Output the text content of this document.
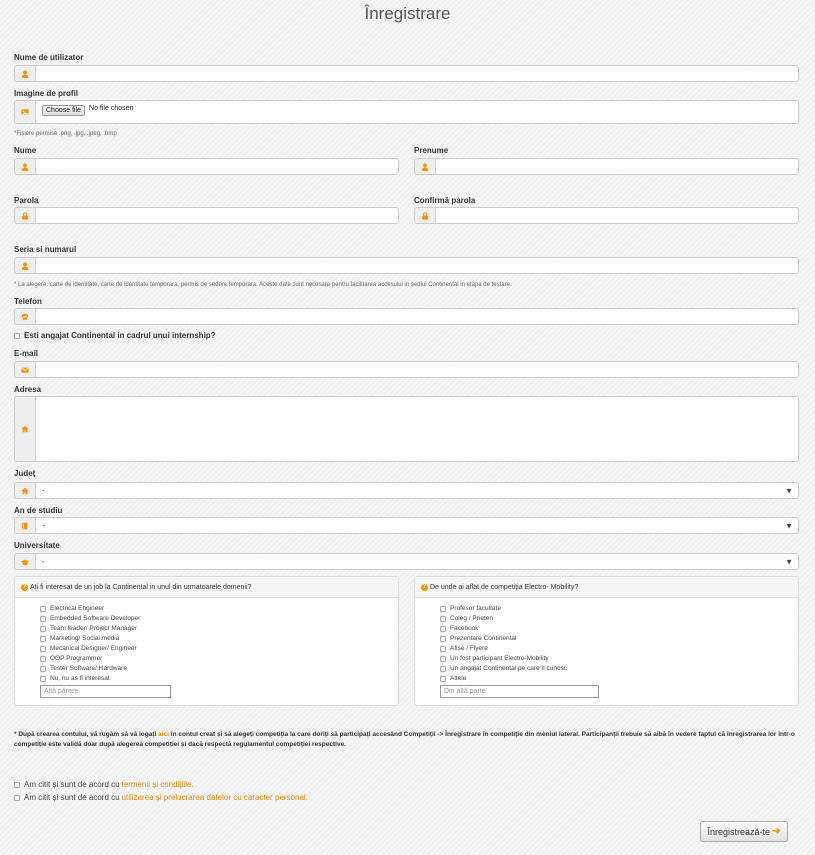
Înregistrare
Nume de utilizator
Imagine de profil
Choose file	No file chosen
*Fișiere permise .png, .jpg, .jpeg, .bmp
Nume	Prenume
Parola	Confirmă parola
Seria si numarul
* La alegere: carte de identitate, carte de identitate temporara, permis de sedere temporara. Aceste date sunt necesare pentru facilitarea accesului in sediul Continental in etapa de testare.
Telefon
Esti angajat Continental in cadrul unui internship?
E-mail
Adresa
Județ
-	▼
An de studiu
-	▼
Universitate
-	▼
? Ați fi interesat de un job la Continental in unul din urmatoarele domenii?
Electrical Engineer
Embedded Software Developer
Team leader/ Project Manager
Marketing/ Social media
Mecanical Designer/ Engineer
OOP Programmer
Tester Software/ Hardware
Nu, nu as fi interesat
Altă părere
? De unde ai aflat de competiția Electro- Mobility?
Profesor facultate
Coleg / Prieten
Facebook
Prezentare Continental
Afise / Flyere
Un fost participant Electro-Mobility
Un angajat Continental pe care îl cunosc
Altele
Din altă parte
* După crearea contului, vă rugăm să vă logați aici în contul creat și să alegeți competiția la care doriți să participați accesând Competiții -> Înregistrare în competiție din meniul lateral. Participanții trebuie să aibă în vedere faptul că înregistrarea lor într-o competiție este validă doar după alegerea competiției și dacă respectă regulamentul competiției respective.
Am citit și sunt de acord cu termenii și condițiile.
Am citit și sunt de acord cu utilizarea și prelucrarea datelor cu caracter personal.
Înregistrează-te ➔
